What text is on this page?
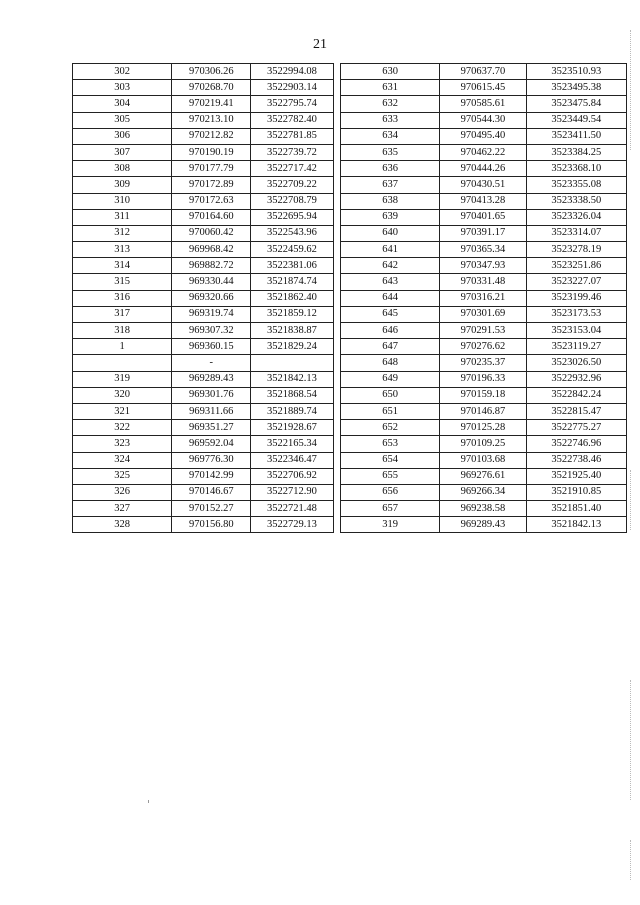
21
302	970306.26	3522994.08		630	970637.70	3523510.93
303	970268.70	3522903.14		631	970615.45	3523495.38
304	970219.41	3522795.74		632	970585.61	3523475.84
305	970213.10	3522782.40		633	970544.30	3523449.54
306	970212.82	3522781.85		634	970495.40	3523411.50
307	970190.19	3522739.72		635	970462.22	3523384.25
308	970177.79	3522717.42		636	970444.26	3523368.10
309	970172.89	3522709.22		637	970430.51	3523355.08
310	970172.63	3522708.79		638	970413.28	3523338.50
311	970164.60	3522695.94		639	970401.65	3523326.04
312	970060.42	3522543.96		640	970391.17	3523314.07
313	969968.42	3522459.62		641	970365.34	3523278.19
314	969882.72	3522381.06		642	970347.93	3523251.86
315	969330.44	3521874.74		643	970331.48	3523227.07
316	969320.66	3521862.40		644	970316.21	3523199.46
317	969319.74	3521859.12		645	970301.69	3523173.53
318	969307.32	3521838.87		646	970291.53	3523153.04
1	969360.15	3521829.24		647	970276.62	3523119.27
	-			648	970235.37	3523026.50
319	969289.43	3521842.13		649	970196.33	3522932.96
320	969301.76	3521868.54		650	970159.18	3522842.24
321	969311.66	3521889.74		651	970146.87	3522815.47
322	969351.27	3521928.67		652	970125.28	3522775.27
323	969592.04	3522165.34		653	970109.25	3522746.96
324	969776.30	3522346.47		654	970103.68	3522738.46
325	970142.99	3522706.92		655	969276.61	3521925.40
326	970146.67	3522712.90		656	969266.34	3521910.85
327	970152.27	3522721.48		657	969238.58	3521851.40
328	970156.80	3522729.13		319	969289.43	3521842.13
